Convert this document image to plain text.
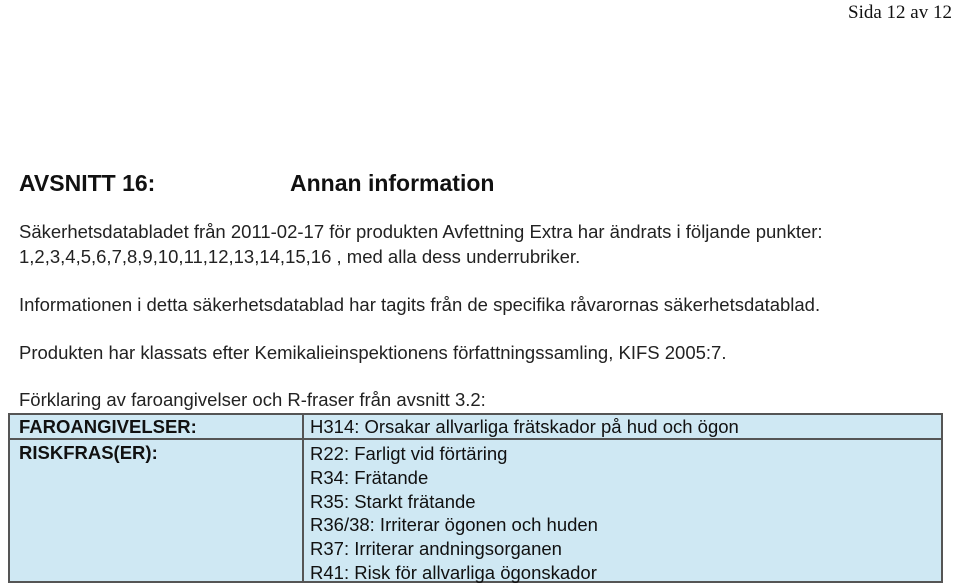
Sida 12 av 12
AVSNITT 16:	Annan information
Säkerhetsdatabladet från 2011-02-17 för produkten Avfettning Extra har ändrats i följande punkter:
1,2,3,4,5,6,7,8,9,10,11,12,13,14,15,16 , med alla dess underrubriker.
Informationen i detta säkerhetsdatablad har tagits från de specifika råvarornas säkerhetsdatablad.
Produkten har klassats efter Kemikalieinspektionens författningssamling, KIFS 2005:7.
Förklaring av faroangivelser och R-fraser från avsnitt 3.2:
FAROANGIVELSER:	H314: Orsakar allvarliga frätskador på hud och ögon
RISKFRAS(ER):	R22: Farligt vid förtäring
R34: Frätande
R35: Starkt frätande
R36/38: Irriterar ögonen och huden
R37: Irriterar andningsorganen
R41: Risk för allvarliga ögonskador
